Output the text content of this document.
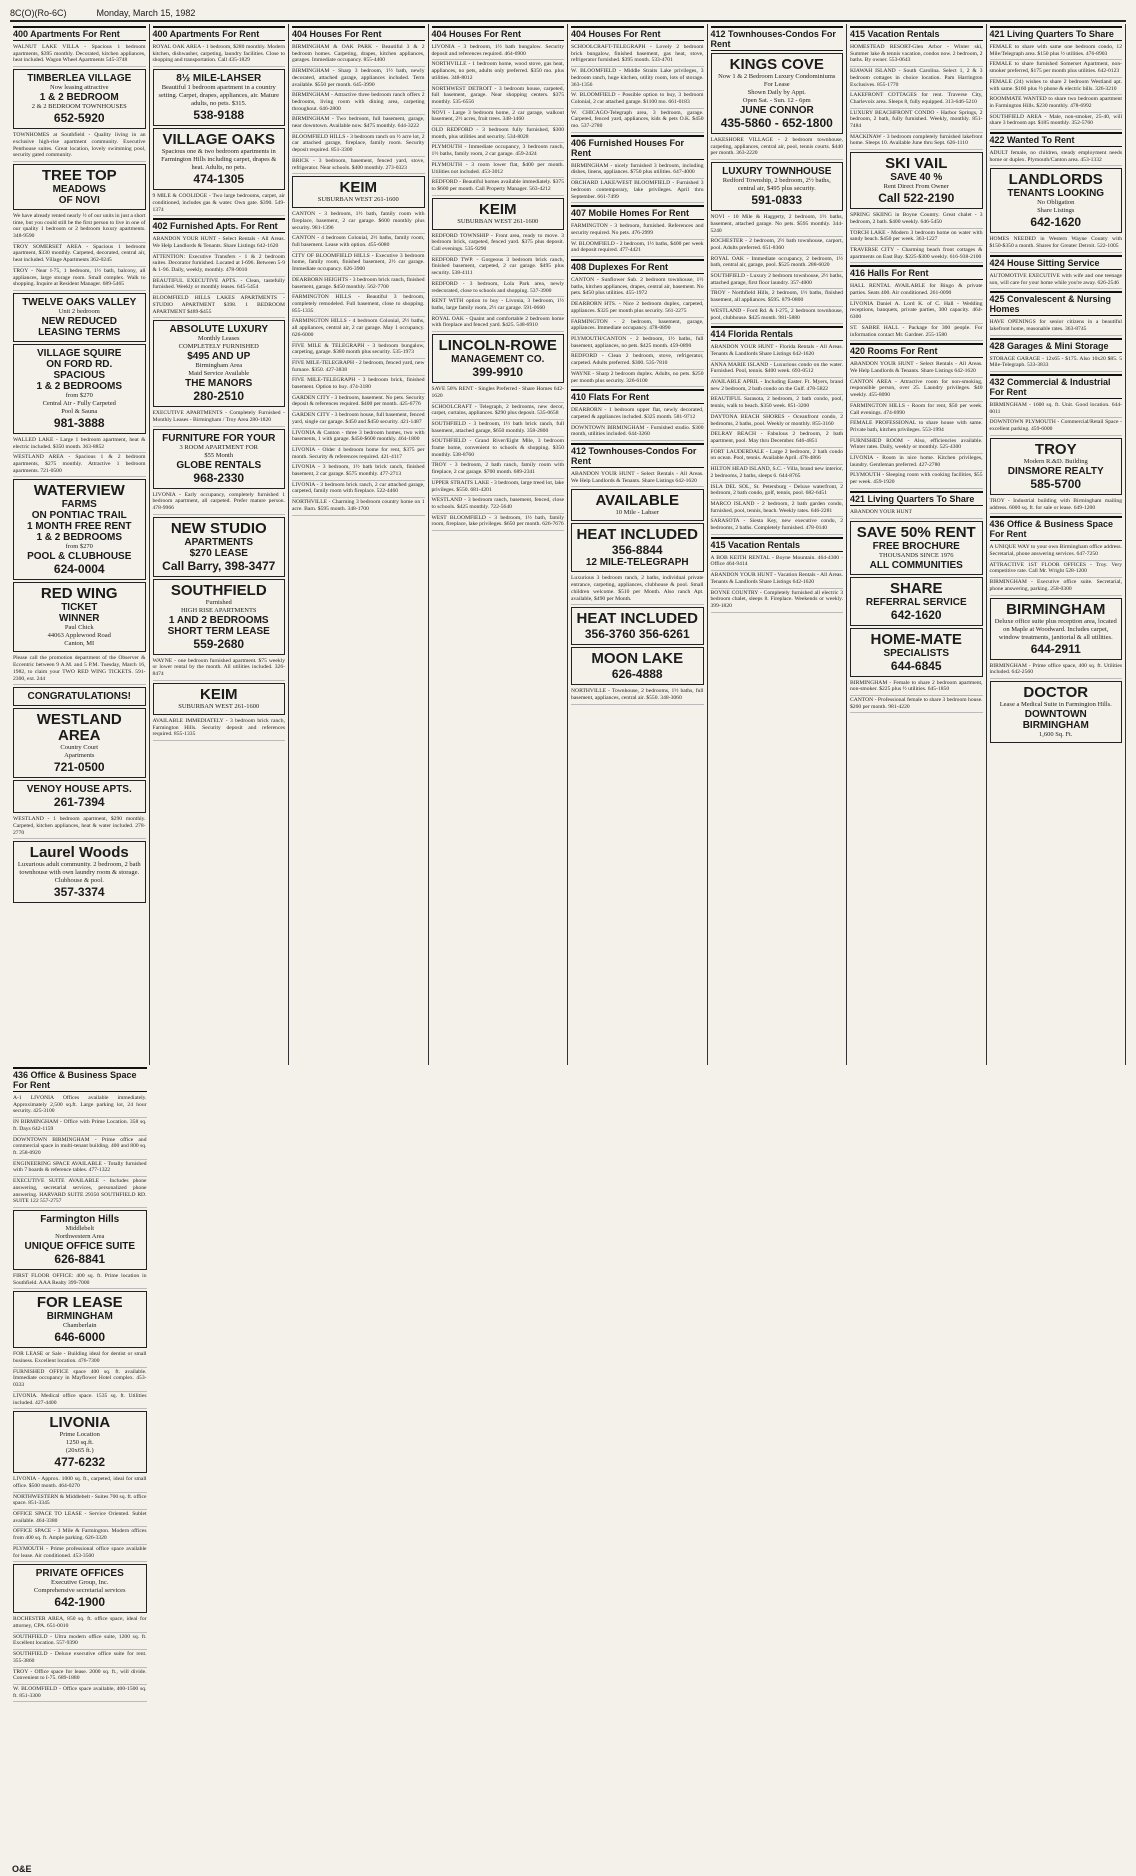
8C(O)(Ro-6C)	Monday, March 15, 1982
400 Apartments For Rent
WALNUT LAKE VILLA - Spacious 1 bedroom apartments, $395 monthly. Decorated, kitchen appliances, heat included. Wagon Wheel Apartments 545-3748
TIMBERLEA VILLAGE
Now leasing attractive
1 & 2 BEDROOM
2 & 2 BEDROOM TOWNHOUSES
652-5920
TOWNHOMES at Southfield - Quality living in an exclusive high-rise apartment community. Executive Penthouse suites. Great location, lovely swimming pool, security gated community.
TREE TOP
MEADOWS
OF NOVI
We have already rented nearly ½ of our units in just a short time, but you could still be the first person to live in one of our quality 1 bedroom or 2 bedroom luxury apartments. 348-9590
TROY SOMERSET AREA - Spacious 1 bedroom apartment, $330 monthly. Carpeted, decorated, central air, heat included. Village Apartments 362-0245
TROY - Near I-75, 1 bedroom, 1½ bath, balcony, all appliances, large storage room. Small complex. Walk to shopping. Inquire at Resident Manager. 689-5465
TWELVE OAKS VALLEY
Unit 2 bedroom
NEW REDUCED
LEASING TERMS
VILLAGE SQUIRE
ON FORD RD.
SPACIOUS
1 & 2 BEDROOMS
from $270
Central Air - Fully Carpeted
Pool & Sauna
981-3888
WALLED LAKE - Large 1 bedroom apartment, heat & electric included. $350 month. 363-8852
WESTLAND AREA - Spacious 1 & 2 bedroom apartments, $275 monthly. Attractive 1 bedroom apartments. 721-0500
WATERVIEW
FARMS
ON PONTIAC TRAIL
1 MONTH FREE RENT
1 & 2 BEDROOMS
from $270
POOL & CLUBHOUSE
624-0004
RED WING
TICKET
WINNER
Paul Chick
44063 Applewood Road
Canton, MI
Please call the promotion department of the Observer & Eccentric between 9 A.M. and 5 P.M. Tuesday, March 16, 1982, to claim your TWO RED WING TICKETS. 591-2300, ext. 244
CONGRATULATIONS!
WESTLAND AREA
Country Court
Apartments
721-0500
VENOY HOUSE APTS.
261-7394
WESTLAND - 1 bedroom apartment, $290 monthly. Carpeted, kitchen appliances, heat & water included. 278-2770
Laurel Woods
Luxurious adult community. 2 bedroom, 2 bath townhouse with own laundry room & storage. Clubhouse & pool.
357-3374
400 Apartments For Rent
ROYAL OAK AREA - 1 bedroom, $280 monthly. Modern kitchen, dishwasher, carpeting, laundry facilities. Close to shopping and transportation. Call 435-1829
8½ MILE-LAHSER
Beautiful 1 bedroom apartment in a country setting. Carpet, drapes, appliances, air. Mature adults, no pets. $315.
538-9188
VILLAGE OAKS
Spacious one & two bedroom apartments in Farmington Hills including carpet, drapes & heat. Adults, no pets.
474-1305
9 MILE & COOLIDGE - Two large bedrooms, carpet, air conditioned, includes gas & water. Own gate. $390. 549-1374
402 Furnished Apts. For Rent
ABANDON YOUR HUNT - Select Rentals - All Areas. We Help Landlords & Tenants. Share Listings 642-1620
ATTENTION: Executive Transfers - 1 & 2 bedroom suites. Decorator furnished. Located at I-696. Between 5-9 & 1-96. Daily, weekly, monthly. 478-9010
BEAUTIFUL EXECUTIVE APTS. - Clean, tastefully furnished. Weekly or monthly leases. 645-5454
BLOOMFIELD HILLS LAKES APARTMENTS - STUDIO APARTMENT $398. 1 BEDROOM APARTMENT $489-$455
ABSOLUTE LUXURY
Monthly Leases
COMPLETELY FURNISHED
$495 AND UP
Birmingham Area
Maid Service Available
THE MANORS
280-2510
EXECUTIVE APARTMENTS - Completely Furnished - Monthly Leases - Birmingham / Troy Area 280-1820
FURNITURE FOR YOUR
3 ROOM APARTMENT FOR
$55 Month
GLOBE RENTALS
968-2330
LIVONIA - Early occupancy, completely furnished 1 bedroom apartment, all carpeted. Prefer mature person. 478-9966
NEW STUDIO
APARTMENTS
$270 LEASE
Call Barry, 398-3477
SOUTHFIELD
Furnished
HIGH RISE APARTMENTS
1 AND 2 BEDROOMS
SHORT TERM LEASE
559-2680
WAYNE - one bedroom furnished apartment. $75 weekly or lower rental by the month. All utilities included. 326-8474
KEIM
SUBURBAN WEST 261-1600
AVAILABLE IMMEDIATELY - 3 bedroom brick ranch, Farmington Hills. Security deposit and references required. 855-1335
404 Houses For Rent
BIRMINGHAM & OAK PARK - Beautiful 3 & 2 bedroom homes. Carpeting, drapes, kitchen appliances, garages. Immediate occupancy. 855-4400
BIRMINGHAM - Sharp 3 bedroom, 1½ bath, newly decorated, attached garage, appliances included. Term available. $550 per month. 645-3990
BIRMINGHAM - Attractive three bedroom ranch offers 2 bedrooms, living room with dining area, carpeting throughout. 646-2800
BIRMINGHAM - Two bedroom, full basement, garage, near downtown. Available now. $475 monthly. 644-3222
BLOOMFIELD HILLS - 3 bedroom ranch on ½ acre lot, 2 car attached garage, fireplace, family room. Security deposit required. 851-3300
BRICK - 3 bedroom, basement, fenced yard, stove, refrigerator. Near schools. $400 monthly. 273-0323
KEIM
SUBURBAN WEST 261-1600
CANTON - 3 bedroom, 1½ bath, family room with fireplace, basement, 2 car garage. $600 monthly plus security. 981-1396
CANTON - 4 bedroom Colonial, 2½ baths, family room, full basement. Lease with option. 455-6080
CITY OF BLOOMFIELD HILLS - Executive 3 bedroom home, family room, finished basement, 2½ car garage. Immediate occupancy. 626-3900
DEARBORN HEIGHTS - 3 bedroom brick ranch, finished basement, garage. $450 monthly. 562-7700
FARMINGTON HILLS - Beautiful 3 bedroom, completely remodeled. Full basement, close to shopping. 855-1335
FARMINGTON HILLS - 4 bedroom Colonial, 2½ baths, all appliances, central air, 2 car garage. May 1 occupancy. 626-6000
FIVE MILE & TELEGRAPH - 3 bedroom bungalow, carpeting, garage. $380 month plus security. 535-1973
FIVE MILE-TELEGRAPH - 2 bedroom, fenced yard, new furnace. $350. 427-3838
FIVE MILE-TELEGRAPH - 3 bedroom brick, finished basement. Option to buy. 474-3180
GARDEN CITY - 3 bedroom, basement. No pets. Security deposit & references required. $400 per month. 425-6776
GARDEN CITY - 3 bedroom house, full basement, fenced yard, single car garage. $450 and $450 security. 421-1487
LIVONIA & Canton - three 3 bedroom homes, two with basements, 1 with garage. $450-$600 monthly. 464-1800
LIVONIA - Older 4 bedroom home for rent, $375 per month. Security & references required. 421-4117
LIVONIA - 3 bedroom, 1½ bath brick ranch, finished basement, 2 car garage. $575 monthly. 477-2713
LIVONIA - 3 bedroom brick ranch, 2 car attached garage, carpeted, family room with fireplace. 522-4460
NORTHVILLE - Charming 3 bedroom country home on 1 acre. Barn. $595 month. 348-1700
404 Houses For Rent
LIVONIA - 3 bedroom, 1½ bath bungalow. Security deposit and references required. 464-6900
NORTHVILLE - 1 bedroom home, wood stove, gas heat, appliances, no pets, adults only preferred. $350 mo. plus utilities. 348-8012
NORTHWEST DETROIT - 3 bedroom house, carpeted, full basement, garage. Near shopping centers. $375 monthly. 535-6556
NOVI - Large 3 bedroom home, 2 car garage, walkout basement, 2½ acres, fruit trees. 348-1460
OLD REDFORD - 3 bedroom fully furnished, $300 month, plus utilities and security. 534-8028
PLYMOUTH - Immediate occupancy, 3 bedroom ranch, 1½ baths, family room, 2 car garage. 459-2424
PLYMOUTH - 3 room lower flat, $400 per month. Utilities not included. 453-3012
REDFORD - Beautiful homes available immediately. $375 to $600 per month. Call Property Manager. 563-4212
KEIM
SUBURBAN WEST 261-1600
REDFORD TOWNSHIP - Front area, ready to move. 3 bedroom brick, carpeted, fenced yard. $375 plus deposit. Call evenings. 535-9290
REDFORD TWP. - Gorgeous 3 bedroom brick ranch, finished basement, carpeted, 2 car garage. $495 plus security. 538-4111
REDFORD - 3 bedroom, Lola Park area, newly redecorated, close to schools and shopping. 537-3900
RENT WITH option to buy - Livonia, 3 bedroom, 1½ baths, large family room, 2½ car garage. 591-0660
ROYAL OAK - Quaint and comfortable 2 bedroom home with fireplace and fenced yard. $425. 548-6910
LINCOLN-ROWE
MANAGEMENT CO.
399-9910
SAVE 50% RENT - Singles Preferred - Share Homes 642-1620
SCHOOLCRAFT - Telegraph, 2 bedrooms, new decor, carpet, curtains, appliances. $290 plus deposit. 535-0658
SOUTHFIELD - 3 bedroom, 1½ bath brick ranch, full basement, attached garage, $650 monthly. 358-2800
SOUTHFIELD - Grand River/Eight Mile, 3 bedroom frame home, convenient to schools & shopping. $350 monthly. 538-8760
TROY - 3 bedroom, 2 bath ranch, family room with fireplace, 2 car garage. $700 month. 689-2341
UPPER STRAITS LAKE - 3 bedroom, large treed lot, lake privileges. $550. 681-4201
WESTLAND - 3 bedroom ranch, basement, fenced, close to schools. $425 monthly. 722-5640
WEST BLOOMFIELD - 3 bedroom, 1½ bath, family room, fireplace, lake privileges. $650 per month. 626-7676
404 Houses For Rent
SCHOOLCRAFT-TELEGRAPH - Lovely 2 bedroom brick bungalow, finished basement, gas heat, stove, refrigerator furnished. $395 month. 533-4701
W. BLOOMFIELD - Middle Straits Lake privileges, 3 bedroom ranch, huge kitchen, utility room, lots of storage. 363-1356
W. BLOOMFIELD - Possible option to buy, 3 bedroom Colonial, 2 car attached garage. $1100 mo. 661-0183
W. CHICAGO-Telegraph area, 3 bedroom, garage. Carpeted, fenced yard, appliances, kids & pets O.K. $450 mo. 537-2780
406 Furnished Houses For Rent
BIRMINGHAM - nicely furnished 3 bedroom, including dishes, linens, appliances. $750 plus utilities. 647-4000
ORCHARD LAKE/WEST BLOOMFIELD - Furnished 3 bedroom contemporary, lake privileges. April thru September. 661-7499
407 Mobile Homes For Rent
FARMINGTON - 3 bedroom, furnished. References and security required. No pets. 476-2999
W. BLOOMFIELD - 2 bedroom, 1½ baths, $400 per week and deposit required. 477-4421
408 Duplexes For Rent
CANTON - Sunflower Sub. 2 bedroom townhouse, 1½ baths, kitchen appliances, drapes, central air, basement. No pets. $450 plus utilities. 455-1972
DEARBORN HTS. - Nice 2 bedroom duplex, carpeted, appliances. $325 per month plus security. 561-2275
FARMINGTON - 2 bedroom, basement, garage, appliances. Immediate occupancy. 478-0890
PLYMOUTH/CANTON - 2 bedroom, 1½ baths, full basement, appliances, no pets. $425 month. 459-0890
REDFORD - Clean 2 bedroom, stove, refrigerator, carpeted. Adults preferred. $300. 535-7810
WAYNE - Sharp 2 bedroom duplex. Adults, no pets. $250 per month plus security. 326-6100
410 Flats For Rent
DEARBORN - 1 bedroom upper flat, newly decorated, carpeted & appliances included. $325 month. 581-9712
DOWNTOWN BIRMINGHAM - Furnished studio. $300 month, utilities included. 644-3260
412 Townhouses-Condos For Rent
ABANDON YOUR HUNT - Select Rentals - All Areas. We Help Landlords & Tenants. Share Listings 642-1620
AVAILABLE
10 Mile - Lahser
HEAT INCLUDED
356-8844
12 MILE-TELEGRAPH
Luxurious 3 bedroom ranch, 2 baths, individual private entrance, carpeting, appliances, clubhouse & pool. Small children welcome. $510 per Month. Also ranch Apt. available, $490 per Month.
HEAT INCLUDED
356-3760 356-6261
MOON LAKE
626-4888
NORTHVILLE - Townhouse, 2 bedrooms, 1½ baths, full basement, appliances, central air. $550. 348-3060
412 Townhouses-Condos For Rent
KINGS COVE
Now 1 & 2 Bedroom Luxury Condominiums For Lease
Shown Daily by Appt.
Open Sat. - Sun. 12 - 6pm
JUNE CONNOR
435-5860 - 652-1800
LAKESHORE VILLAGE - 2 bedroom townhouse, carpeting, appliances, central air, pool, tennis courts. $440 per month. 363-2220
LUXURY TOWNHOUSE
Redford Township, 2 bedroom, 2½ baths, central air, $495 plus security.
591-0833
NOVI - 10 Mile & Haggerty, 2 bedroom, 1½ baths, basement, attached garage. No pets. $595 monthly. 344-5240
ROCHESTER - 2 bedroom, 2½ bath townhouse, carport, pool. Adults preferred. 651-8360
ROYAL OAK - Immediate occupancy, 2 bedroom, 1½ bath, central air, garage, pool. $525 month. 288-6020
SOUTHFIELD - Luxury 2 bedroom townhouse, 2½ baths, attached garage, first floor laundry. 357-4000
TROY - Northfield Hills, 2 bedroom, 1½ baths, finished basement, all appliances. $595. 879-0800
WESTLAND - Ford Rd. & I-275, 2 bedroom townhouse, pool, clubhouse. $425 month. 981-5880
414 Florida Rentals
ABANDON YOUR HUNT - Florida Rentals - All Areas. Tenants & Landlords Share Listings 642-1620
ANNA MARIE ISLAND - Luxurious condo on the water. Furnished. Pool, tennis. $400 week. 693-0512
AVAILABLE APRIL - Including Easter. Ft. Myers, brand new 2 bedroom, 2 bath condo on the Gulf. 478-5822
BEAUTIFUL Sarasota, 2 bedroom, 2 bath condo, pool, tennis, walk to beach. $350 week. 851-3200
DAYTONA BEACH SHORES - Oceanfront condo, 2 bedrooms, 2 baths, pool. Weekly or monthly. 855-3160
DELRAY BEACH - Fabulous 2 bedroom, 2 bath apartment, pool. May thru December. 646-4851
FORT LAUDERDALE - Large 2 bedroom, 2 bath condo on ocean. Pool, tennis. Available April. 478-4866
HILTON HEAD ISLAND, S.C. - Villa, brand new interior, 2 bedrooms, 2 baths, sleeps 6. 644-8765
ISLA DEL SOL, St. Petersburg - Deluxe waterfront, 2 bedroom, 2 bath condo, golf, tennis, pool. 682-6451
MARCO ISLAND - 2 bedroom, 2 bath garden condo, furnished, pool, tennis, beach. Weekly rates. 646-2281
SARASOTA - Siesta Key, new executive condo, 2 bedrooms, 2 baths. Completely furnished. 478-0140
415 Vacation Rentals
A BOB KEITH RENTAL - Boyne Mountain. 464-4300 · Office 464-9414
ABANDON YOUR HUNT - Vacation Rentals - All Areas. Tenants & Landlords Share Listings 642-1620
BOYNE COUNTRY - Completely furnished all electric 3 bedroom chalet, sleeps 8. Fireplace. Weekends or weekly. 399-1820
415 Vacation Rentals
HOMESTEAD RESORT-Glen Arbor - Winter ski, Summer lake & tennis vacation, condos now. 2 bedroom, 2 baths. By owner. 553-0643
KIAWAH ISLAND - South Carolina. Select 1, 2 & 3 bedroom cottages in choice location. Pam Harrington Exclusives. 855-1770
LAKEFRONT COTTAGES for rent. Traverse City, Charlevoix area. Sleeps 8, fully equipped. 313-646-5210
LUXURY BEACHFRONT CONDO - Harbor Springs, 2 bedroom, 2 bath, fully furnished. Weekly, monthly. 851-7484
MACKINAW - 3 bedroom completely furnished lakefront home. Sleeps 10. Available June thru Sept. 626-1110
SKI VAIL
SAVE 40 %
Rent Direct From Owner
Call 522-2190
SPRING SKIING in Boyne Country. Great chalet - 3 bedroom, 2 bath. $400 weekly. 646-5450
TORCH LAKE - Modern 3 bedroom home on water with sandy beach. $450 per week. 363-1227
TRAVERSE CITY - Charming beach front cottages & apartments on East Bay. $225-$300 weekly. 616-938-2100
416 Halls For Rent
HALL RENTAL AVAILABLE for Bingo & private parties. Seats 400. Air conditioned. 261-0090
LIVONIA Daniel A. Lord K. of C. Hall - Wedding receptions, banquets, private parties, 300 capacity. 464-6300
ST. SABRE HALL - Package for 300 people. For information contact Mr. Gardner. 255-1580
420 Rooms For Rent
ABANDON YOUR HUNT - Select Rentals - All Areas. We Help Landlords & Tenants. Share Listings 642-1620
CANTON AREA - Attractive room for non-smoking, responsible person, over 25. Laundry privileges. $40 weekly. 455-8090
FARMINGTON HILLS - Room for rent, $50 per week. Call evenings. 474-6990
FEMALE PROFESSIONAL to share house with same. Private bath, kitchen privileges. 553-1994
FURNISHED ROOM - Also, efficiencies available. Winter rates. Daily, weekly or monthly. 525-4300
LIVONIA - Room in nice home. Kitchen privileges, laundry. Gentleman preferred. 427-2780
PLYMOUTH - Sleeping room with cooking facilities, $55 per week. 459-1920
421 Living Quarters To Share
ABANDON YOUR HUNT
SAVE 50% RENT
FREE BROCHURE
THOUSANDS SINCE 1976
ALL COMMUNITIES
SHARE
REFERRAL SERVICE
642-1620
HOME-MATE
SPECIALISTS
644-6845
BIRMINGHAM - Female to share 2 bedroom apartment, non-smoker. $225 plus ½ utilities. 645-1850
CANTON - Professional female to share 3 bedroom house. $200 per month. 981-4220
421 Living Quarters To Share
FEMALE to share with same one bedroom condo, 12 Mile/Telegraph area. $150 plus ½ utilities. 476-8903
FEMALE to share furnished Somerset Apartment, non-smoker preferred, $175 per month plus utilities. 642-0123
FEMALE (24) wishes to share 2 bedroom Westland apt. with same. $160 plus ½ phone & electric bills. 326-3210
ROOMMATE WANTED to share two bedroom apartment in Farmington Hills. $230 monthly. 478-6992
SOUTHFIELD AREA - Male, non-smoker, 25-40, will share 3 bedroom apt. $185 monthly. 352-5760
422 Wanted To Rent
ADULT female, no children, steady employment needs home or duplex. Plymouth/Canton area. 453-1332
LANDLORDS
TENANTS LOOKING
No Obligation
Share Listings
642-1620
HOMES NEEDED in Western Wayne County with $150-$350 a month. Shares for Greater Detroit. 522-1005
424 House Sitting Service
AUTOMOTIVE EXECUTIVE with wife and one teenage son, will care for your home while you're away. 626-2546
425 Convalescent & Nursing Homes
HAVE OPENINGS for senior citizens in a beautiful lakefront home, reasonable rates. 363-8745
428 Garages & Mini Storage
STORAGE GARAGE - 12x65 - $175. Also 10x20 $85. 5 Mile-Telegraph. 533-3833
432 Commercial & Industrial For Rent
BIRMINGHAM - 1600 sq. ft. Unit. Good location. 644-0011
DOWNTOWN PLYMOUTH - Commercial/Retail Space - excellent parking. 459-6000
TROY
Modern R.&D. Building
DINSMORE REALTY
585-5700
TROY - Industrial building with Birmingham mailing address. 6000 sq. ft. for sale or lease. 649-1200
436 Office & Business Space For Rent
A UNIQUE WAY to your own Birmingham office address. Secretarial, phone answering services. 647-7250
ATTRACTIVE 1ST FLOOR OFFICES - Troy. Very competitive rate. Call Mr. Wright 528-1200
BIRMINGHAM - Executive office suite. Secretarial, phone answering, parking. 258-0300
BIRMINGHAM
Deluxe office suite plus reception area, located on Maple at Woodward. Includes carpet, window treatments, janitorial & all utilities.
644-2911
BIRMINGHAM - Prime office space, 400 sq. ft. Utilities included. 642-2560
DOCTOR
Lease a Medical Suite in Farmington Hills.
DOWNTOWN BIRMINGHAM
1,600 Sq. Ft.
436 Office & Business Space For Rent
A-1 LIVONIA Offices available immediately. Approximately 2,500 sq.ft. Large parking lot, 24 hour security. 425-3100
IN BIRMINGHAM - Office with Prime Location. 358 sq. ft. Days 642-1159
DOWNTOWN BIRMINGHAM - Prime office and commercial space in multi-tenant building. 400 and 800 sq. ft. 258-0920
ENGINEERING SPACE AVAILABLE - Totally furnished with 7 boards & reference tables. 477-1322
EXECUTIVE SUITE AVAILABLE - Includes phone answering, secretarial services, personalized phone answering. HARVARD SUITE 29350 SOUTHFIELD RD. SUITE 122 557-2757
Farmington Hills
Middlebelt
Northwestern Area
UNIQUE OFFICE SUITE
626-8841
FIRST FLOOR OFFICE: 400 sq. ft. Prime location in Southfield. AAA Realty 399-7000
FOR LEASE
BIRMINGHAM
Chamberlain
646-6000
FOR LEASE or Sale - Building ideal for dentist or small business. Excellent location. 476-7300
FURNISHED OFFICE space 400 sq. ft. available. Immediate occupancy in Mayflower Hotel complex. 453-0333
LIVONIA. Medical office space. 1535 sq. ft. Utilities included. 427-4400
LIVONIA
Prime Location
1250 sq.ft.
(20x65 ft.)
477-6232
LIVONIA - Approx. 1000 sq. ft., carpeted, ideal for small office. $500 month. 464-0270
NORTHWESTERN & Middlebelt - Suites 700 sq. ft. office space. 851-3345
OFFICE SPACE TO LEASE - Service Oriented. Sublet available. 464-3380
OFFICE SPACE - 3 Mile & Farmington. Modern offices from 400 sq. ft. Ample parking. 626-3320
PLYMOUTH - Prime professional office space available for lease. Air conditioned. 453-3500
PRIVATE OFFICES
Executive Group, Inc.
Comprehensive secretarial services
642-1900
ROCHESTER AREA, 850 sq. ft. office space, ideal for attorney, CPA. 651-0010
SOUTHFIELD - Ultra modern office suite, 1200 sq. ft. Excellent location. 557-9390
SOUTHFIELD - Deluxe executive office suite for rent. 355-3860
TROY - Office space for lease. 2000 sq. ft., will divide. Convenient to I-75. 689-1880
W. BLOOMFIELD - Office space available, 400-1500 sq. ft. 851-3300
O&E
